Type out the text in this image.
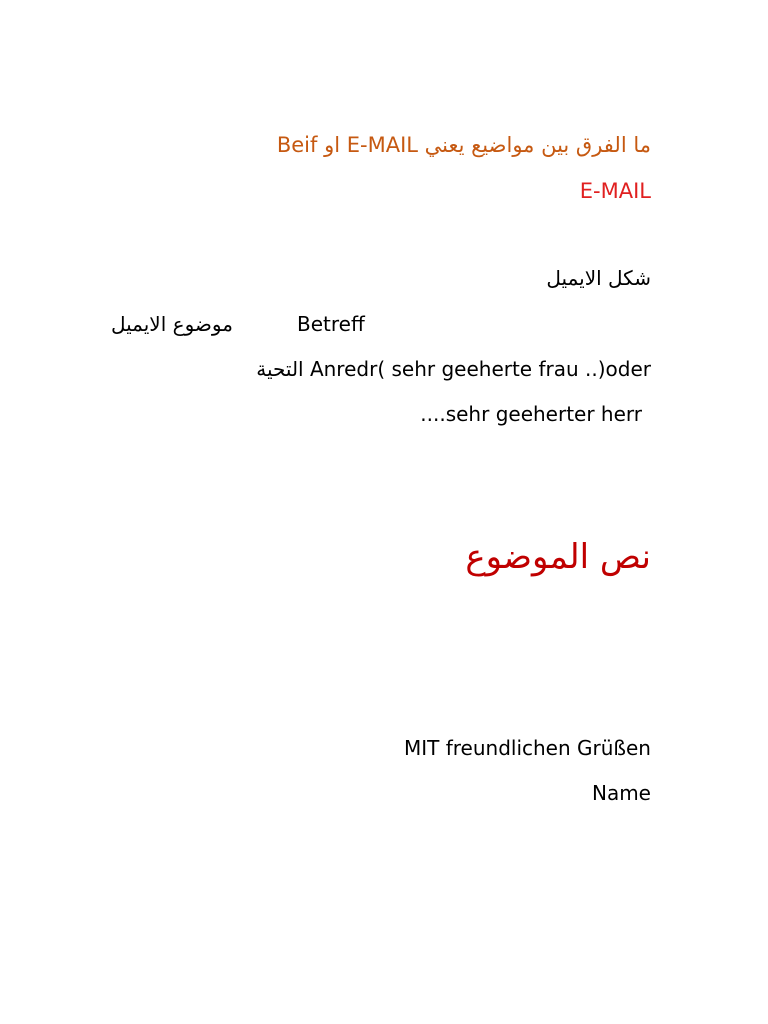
ما الفرق بين مواضيع يعني E-MAIL او Beif
E-MAIL
شكل الايميل
موضوع الايميل	Betreff
التحية Anredr( sehr geeherte frau ..)oder
....sehr geeherter herr
نص الموضوع
MIT freundlichen Grüßen
Name
